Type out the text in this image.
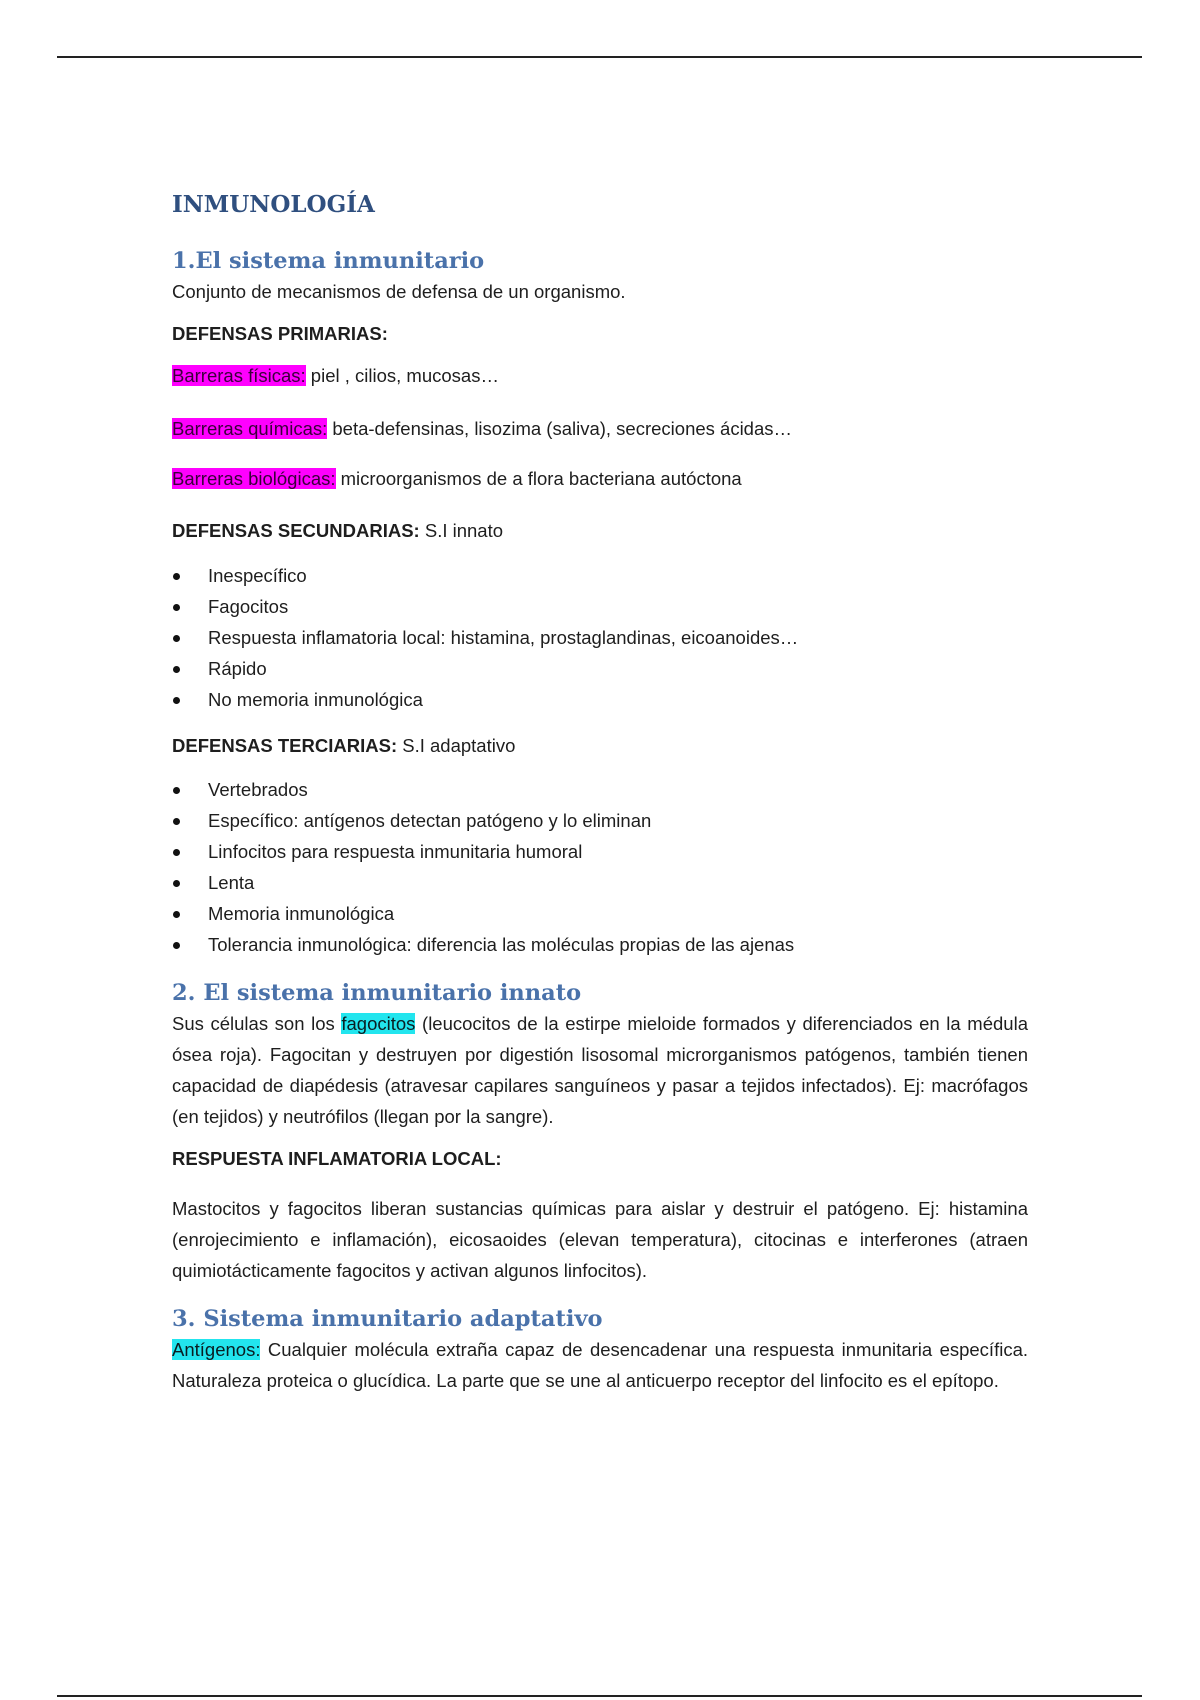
INMUNOLOGÍA
1.El sistema inmunitario

Conjunto de mecanismos de defensa de un organismo.

DEFENSAS PRIMARIAS:

Barreras físicas: piel , cilios, mucosas…

Barreras químicas: beta-defensinas, lisozima (saliva), secreciones ácidas…

Barreras biológicas: microorganismos de a flora bacteriana autóctona

DEFENSAS SECUNDARIAS: S.I innato

Inespecífico
Fagocitos
Respuesta inflamatoria local: histamina, prostaglandinas, eicoanoides…
Rápido
No memoria inmunológica

DEFENSAS TERCIARIAS: S.I adaptativo

Vertebrados
Específico: antígenos detectan patógeno y lo eliminan
Linfocitos para respuesta inmunitaria humoral
Lenta
Memoria inmunológica
Tolerancia inmunológica: diferencia las moléculas propias de las ajenas
2. El sistema inmunitario innato

Sus células son los fagocitos (leucocitos de la estirpe mieloide formados y diferenciados en la médula ósea roja). Fagocitan y destruyen por digestión lisosomal microrganismos patógenos, también tienen capacidad de diapédesis (atravesar capilares sanguíneos y pasar a tejidos infectados). Ej: macrófagos (en tejidos) y neutrófilos (llegan por la sangre).

RESPUESTA INFLAMATORIA LOCAL:

Mastocitos y fagocitos liberan sustancias químicas para aislar y destruir el patógeno. Ej: histamina (enrojecimiento e inflamación), eicosaoides (elevan temperatura), citocinas e interferones (atraen quimiotácticamente fagocitos y activan algunos linfocitos).

3. Sistema inmunitario adaptativo

Antígenos: Cualquier molécula extraña capaz de desencadenar una respuesta inmunitaria específica. Naturaleza proteica o glucídica. La parte que se une al anticuerpo receptor del linfocito es el epítopo.
